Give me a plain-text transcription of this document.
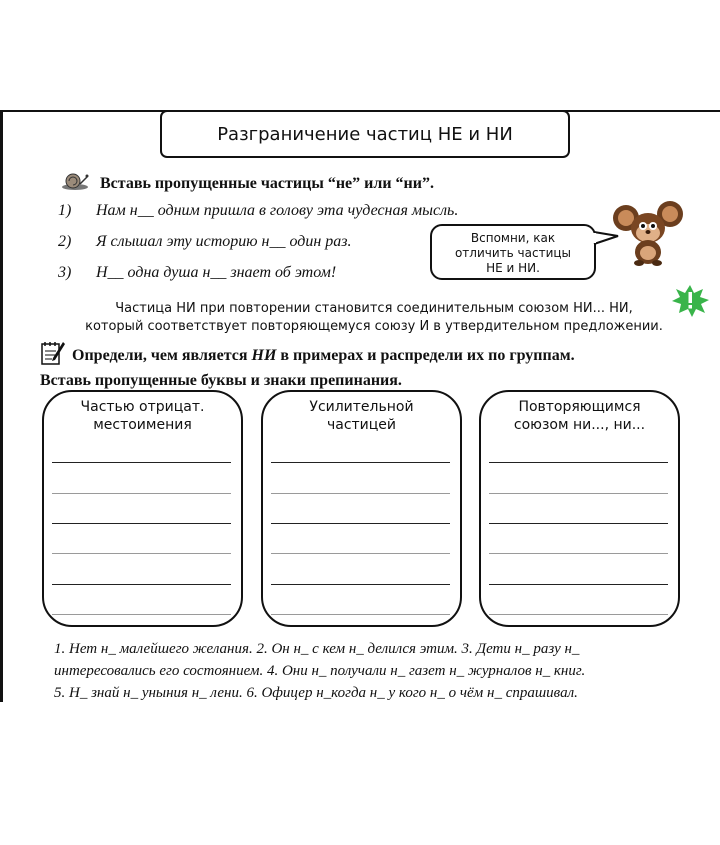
Разграничение частиц НЕ и НИ
Вставь пропущенные частицы “не” или “ни”.
1) Нам н__ одним пришла в голову эта чудесная мысль.
2) Я слышал эту историю н__ один раз.
3) Н__ одна душа н__ знает об этом!
Вспомни, как
отличить частицы
НЕ и НИ.
Частица НИ при повторении становится соединительным союзом НИ... НИ,
который соответствует повторяющемуся союзу И в утвердительном предложении.
Определи, чем является НИ в примерах и распредели их по группам.
Вставь пропущенные буквы и знаки препинания.
Частью отрицат.
местоимения
Усилительной
частицей
Повторяющимся
союзом ни..., ни...
1. Нет н_ малейшего желания. 2. Он н_ с кем н_ делился этим. 3. Дети н_ разу н_
интересовались его состоянием. 4. Они н_ получали н_ газет н_ журналов н_ книг.
5. Н_ знай н_ уныния н_ лени. 6. Офицер н_когда н_ у кого н_ о чём н_ спрашивал.
